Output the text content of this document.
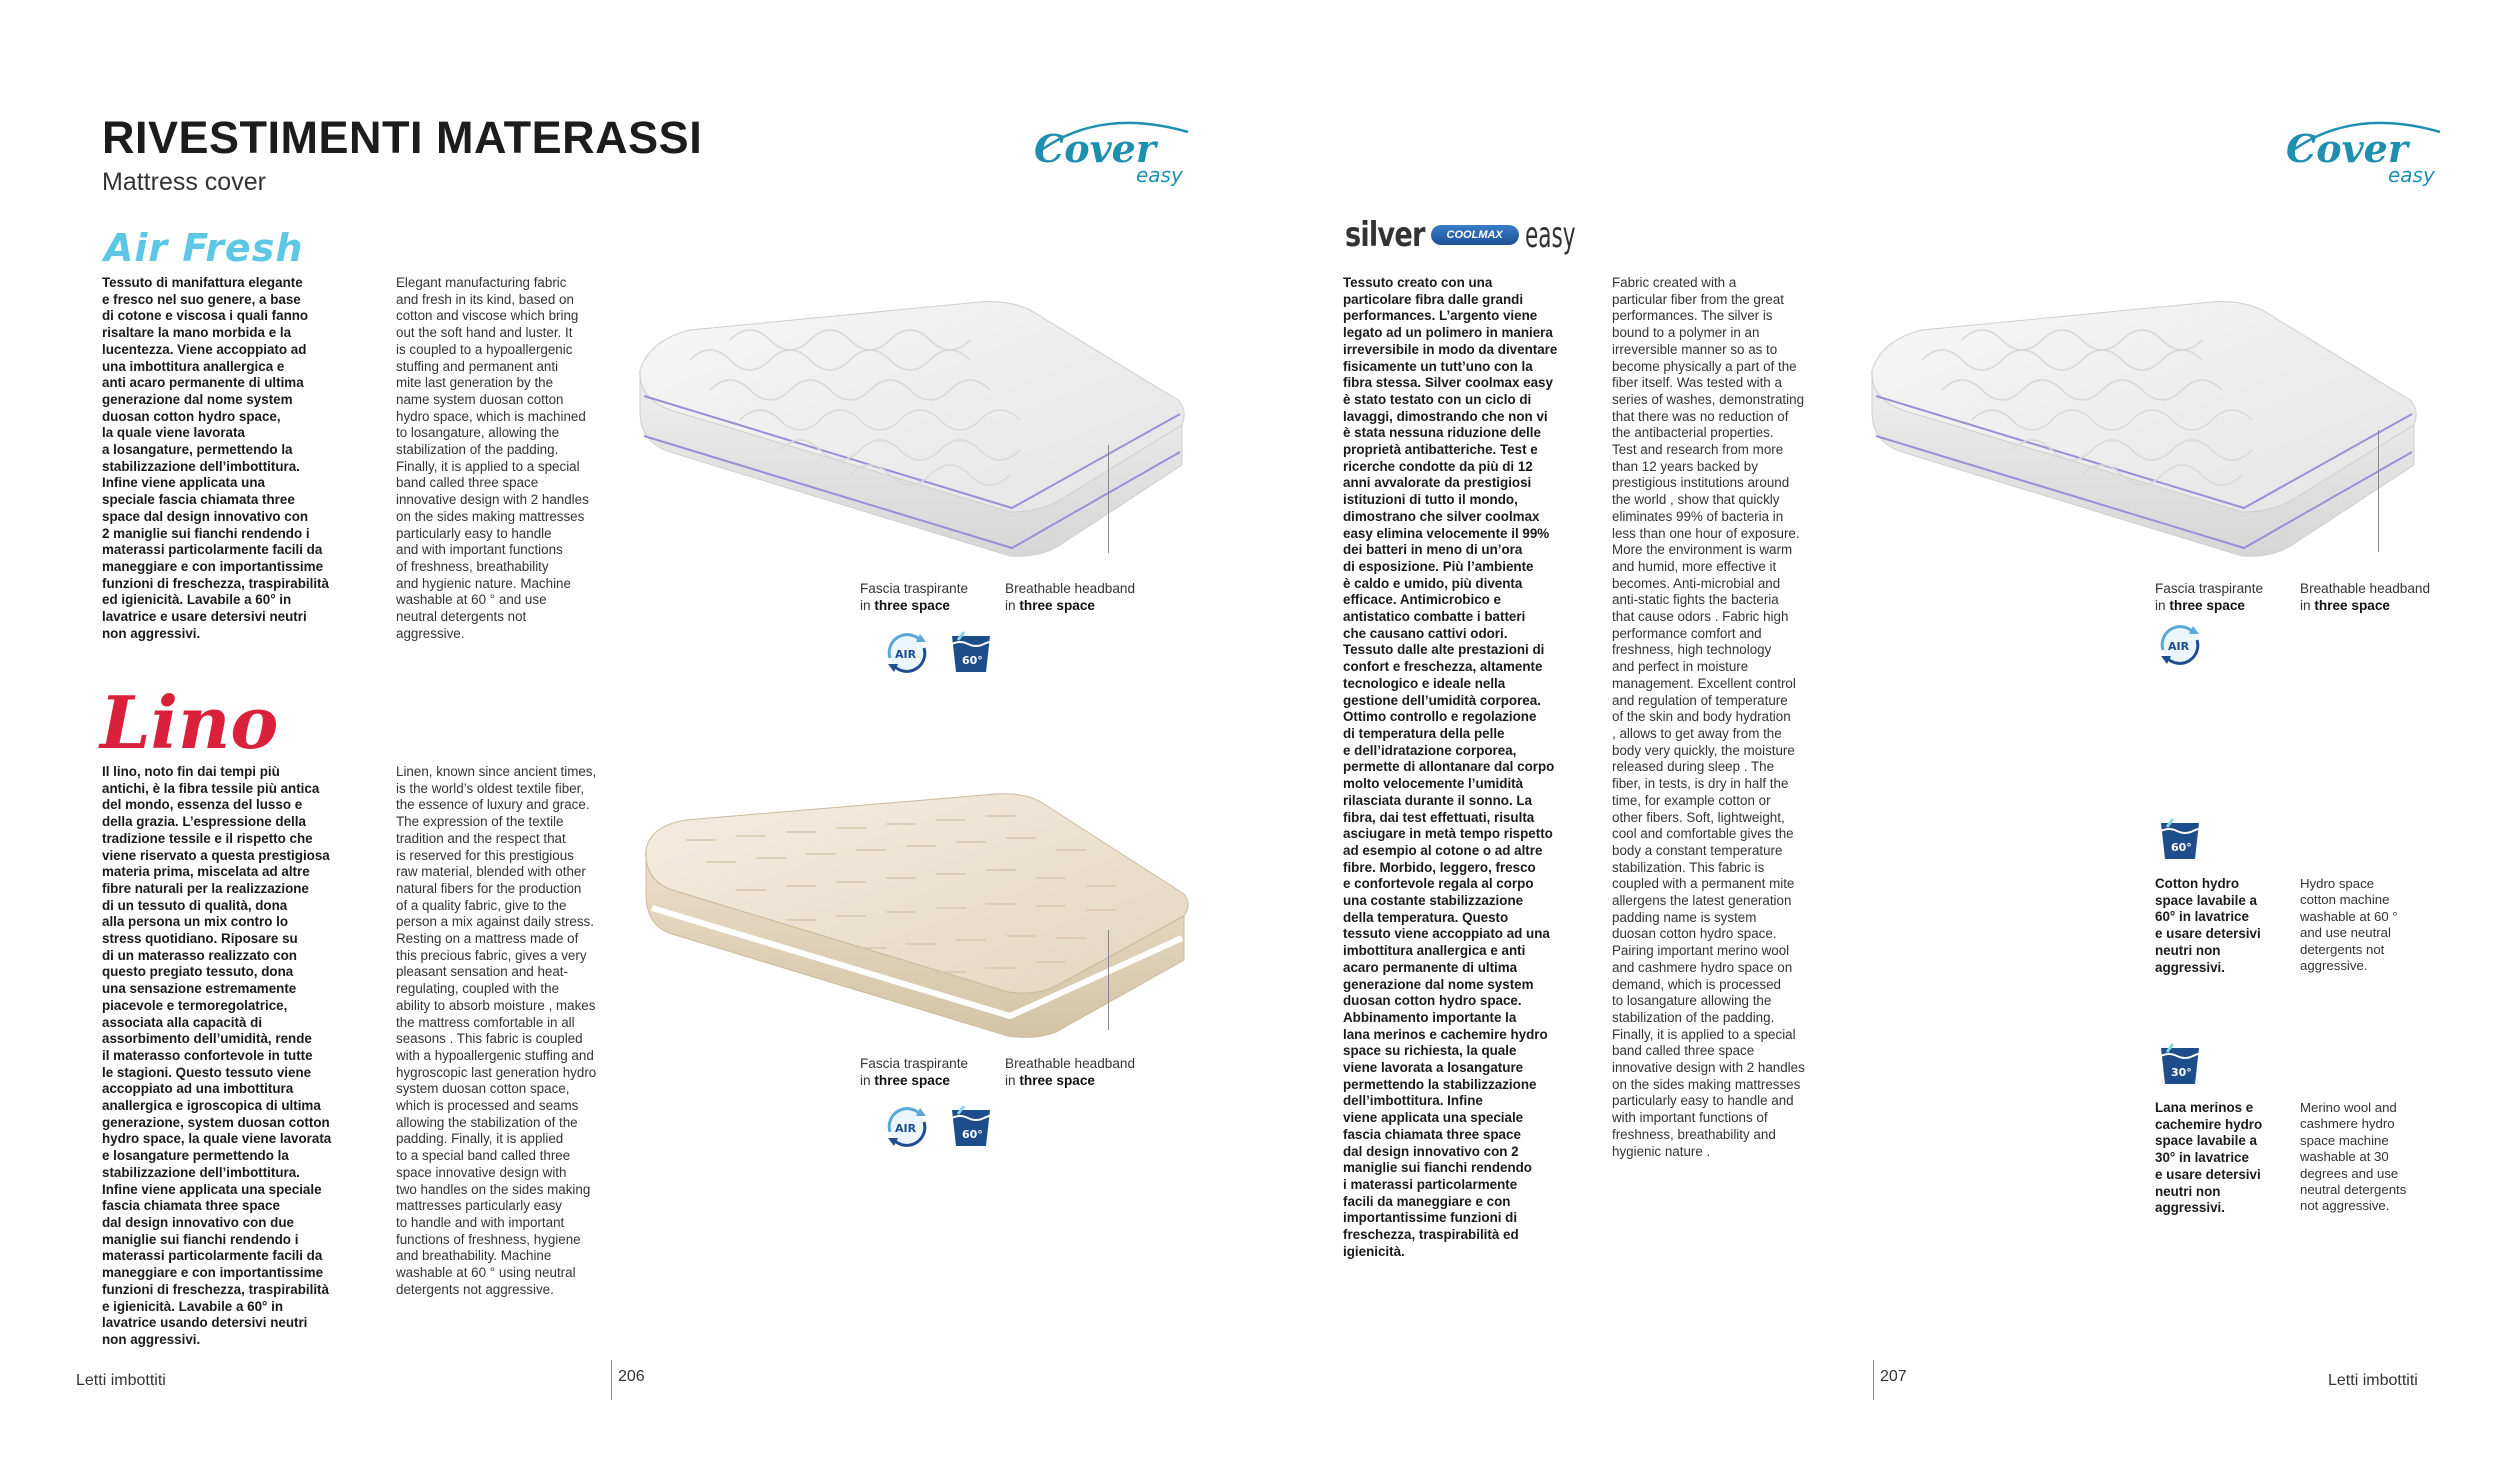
RIVESTIMENTI MATERASSI
Mattress cover
Cover
easy
Air Fresh
Tessuto di manifattura elegante
e fresco nel suo genere, a base
di cotone e viscosa i quali fanno
risaltare la mano morbida e la
lucentezza. Viene accoppiato ad
una imbottitura anallergica e
anti acaro permanente di ultima
generazione dal nome system
duosan cotton hydro space,
la quale viene lavorata
a losangature, permettendo la
stabilizzazione dell’imbottitura.
Infine viene applicata una
speciale fascia chiamata three
space dal design innovativo con
2 maniglie sui fianchi rendendo i
materassi particolarmente facili da
maneggiare e con importantissime
funzioni di freschezza, traspirabilità
ed igienicità. Lavabile a 60° in
lavatrice e usare detersivi neutri
non aggressivi.
Elegant manufacturing fabric
and fresh in its kind, based on
cotton and viscose which bring
out the soft hand and luster. It
is coupled to a hypoallergenic
stuffing and permanent anti
mite last generation by the
name system duosan cotton
hydro space, which is machined
to losangature, allowing the
stabilization of the padding.
Finally, it is applied to a special
band called three space
innovative design with 2 handles
on the sides making mattresses
particularly easy to handle
and with important functions
of freshness, breathability
and hygienic nature. Machine
washable at 60 ° and use
neutral detergents not
aggressive.
Fascia traspirante
in three space
Breathable headband
in three space
AIR	60°
Lino
Il lino, noto fin dai tempi più
antichi, è la fibra tessile più antica
del mondo, essenza del lusso e
della grazia. L’espressione della
tradizione tessile e il rispetto che
viene riservato a questa prestigiosa
materia prima, miscelata ad altre
fibre naturali per la realizzazione
di un tessuto di qualità, dona
alla persona un mix contro lo
stress quotidiano. Riposare su
di un materasso realizzato con
questo pregiato tessuto, dona
una sensazione estremamente
piacevole e termoregolatrice,
associata alla capacità di
assorbimento dell’umidità, rende
il materasso confortevole in tutte
le stagioni. Questo tessuto viene
accoppiato ad una imbottitura
anallergica e igroscopica di ultima
generazione, system duosan cotton
hydro space, la quale viene lavorata
e losangature permettendo la
stabilizzazione dell’imbottitura.
Infine viene applicata una speciale
fascia chiamata three space
dal design innovativo con due
maniglie sui fianchi rendendo i
materassi particolarmente facili da
maneggiare e con importantissime
funzioni di freschezza, traspirabilità
e igienicità. Lavabile a 60° in
lavatrice usando detersivi neutri
non aggressivi.
Linen, known since ancient times,
is the world’s oldest textile fiber,
the essence of luxury and grace.
The expression of the textile
tradition and the respect that
is reserved for this prestigious
raw material, blended with other
natural fibers for the production
of a quality fabric, give to the
person a mix against daily stress.
Resting on a mattress made of
this precious fabric, gives a very
pleasant sensation and heat-
regulating, coupled with the
ability to absorb moisture , makes
the mattress comfortable in all
seasons . This fabric is coupled
with a hypoallergenic stuffing and
hygroscopic last generation hydro
system duosan cotton space,
which is processed and seams
allowing the stabilization of the
padding. Finally, it is applied
to a special band called three
space innovative design with
two handles on the sides making
mattresses particularly easy
to handle and with important
functions of freshness, hygiene
and breathability. Machine
washable at 60 ° using neutral
detergents not aggressive.
Fascia traspirante
in three space
Breathable headband
in three space
AIR	60°
Letti imbottiti	206
silver	COOLMAX easy
Tessuto creato con una
particolare fibra dalle grandi
performances. L’argento viene
legato ad un polimero in maniera
irreversibile in modo da diventare
fisicamente un tutt’uno con la
fibra stessa. Silver coolmax easy
è stato testato con un ciclo di
lavaggi, dimostrando che non vi
è stata nessuna riduzione delle
proprietà antibatteriche. Test e
ricerche condotte da più di 12
anni avvalorate da prestigiosi
istituzioni di tutto il mondo,
dimostrano che silver coolmax
easy elimina velocemente il 99%
dei batteri in meno di un’ora
di esposizione. Più l’ambiente
è caldo e umido, più diventa
efficace. Antimicrobico e
antistatico combatte i batteri
che causano cattivi odori.
Tessuto dalle alte prestazioni di
confort e freschezza, altamente
tecnologico e ideale nella
gestione dell’umidità corporea.
Ottimo controllo e regolazione
di temperatura della pelle
e dell’idratazione corporea,
permette di allontanare dal corpo
molto velocemente l’umidità
rilasciata durante il sonno. La
fibra, dai test effettuati, risulta
asciugare in metà tempo rispetto
ad esempio al cotone o ad altre
fibre. Morbido, leggero, fresco
e confortevole regala al corpo
una costante stabilizzazione
della temperatura. Questo
tessuto viene accoppiato ad una
imbottitura anallergica e anti
acaro permanente di ultima
generazione dal nome system
duosan cotton hydro space.
Abbinamento importante la
lana merinos e cachemire hydro
space su richiesta, la quale
viene lavorata a losangature
permettendo la stabilizzazione
dell’imbottitura. Infine
viene applicata una speciale
fascia chiamata three space
dal design innovativo con 2
maniglie sui fianchi rendendo
i materassi particolarmente
facili da maneggiare e con
importantissime funzioni di
freschezza, traspirabilità ed
igienicità.
Fabric created with a
particular fiber from the great
performances. The silver is
bound to a polymer in an
irreversible manner so as to
become physically a part of the
fiber itself. Was tested with a
series of washes, demonstrating
that there was no reduction of
the antibacterial properties.
Test and research from more
than 12 years backed by
prestigious institutions around
the world , show that quickly
eliminates 99% of bacteria in
less than one hour of exposure.
More the environment is warm
and humid, more effective it
becomes. Anti-microbial and
anti-static fights the bacteria
that cause odors . Fabric high
performance comfort and
freshness, high technology
and perfect in moisture
management. Excellent control
and regulation of temperature
of the skin and body hydration
, allows to get away from the
body very quickly, the moisture
released during sleep . The
fiber, in tests, is dry in half the
time, for example cotton or
other fibers. Soft, lightweight,
cool and comfortable gives the
body a constant temperature
stabilization. This fabric is
coupled with a permanent mite
allergens the latest generation
padding name is system
duosan cotton hydro space.
Pairing important merino wool
and cashmere hydro space on
demand, which is processed
to losangature allowing the
stabilization of the padding.
Finally, it is applied to a special
band called three space
innovative design with 2 handles
on the sides making mattresses
particularly easy to handle and
with important functions of
freshness, breathability and
hygienic nature .
Cover
easy
Fascia traspirante
in three space
Breathable headband
in three space
AIR
60°
Cotton hydro
space lavabile a
60° in lavatrice
e usare detersivi
neutri non
aggressivi.
Hydro space
cotton machine
washable at 60 °
and use neutral
detergents not
aggressive.
30°
Lana merinos e
cachemire hydro
space lavabile a
30° in lavatrice
e usare detersivi
neutri non
aggressivi.
Merino wool and
cashmere hydro
space machine
washable at 30
degrees and use
neutral detergents
not aggressive.
207	Letti imbottiti
